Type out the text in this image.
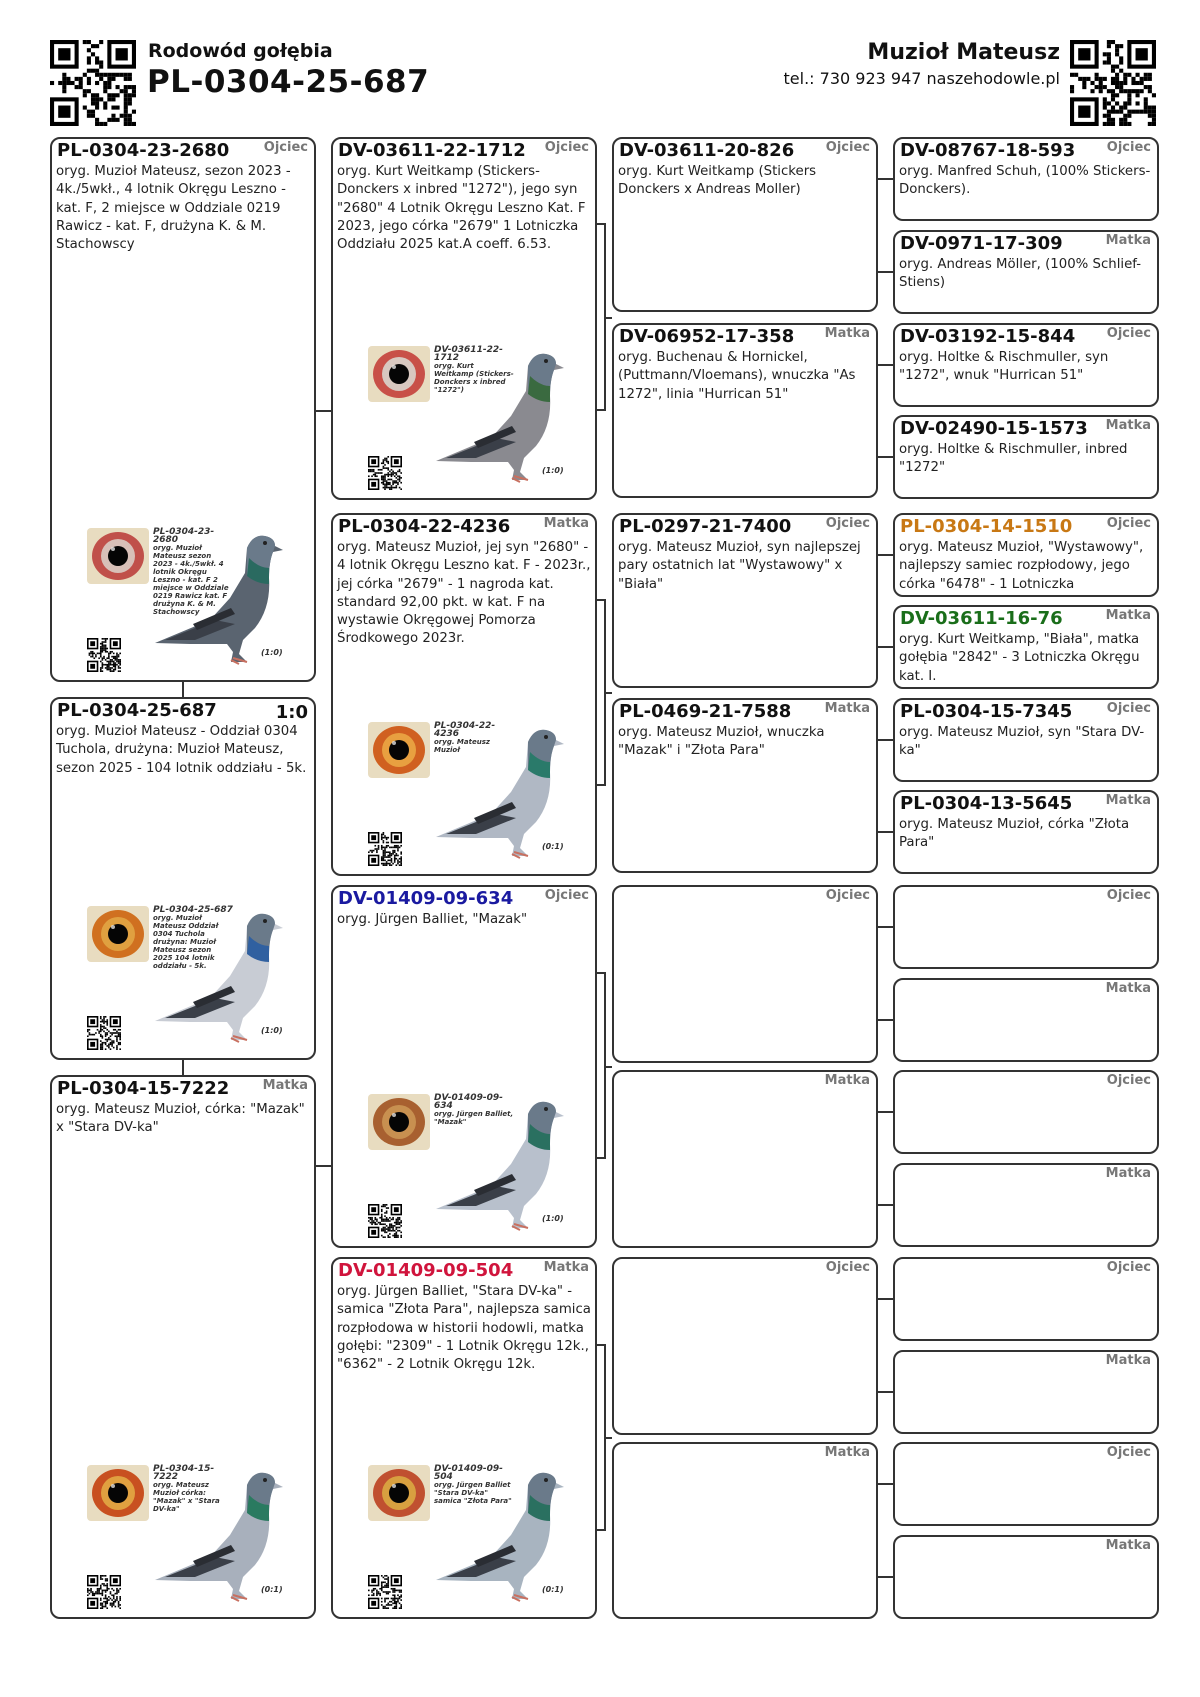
Rodowód gołębia
PL-0304-25-687
Muzioł Mateusz
tel.: 730 923 947 naszehodowle.pl
PL-0304-23-2680	Ojciec
oryg. Muzioł Mateusz, sezon 2023 - 4k./5wkł., 4 lotnik Okręgu Leszno - kat. F, 2 miejsce w Oddziale 0219 Rawicz - kat. F, drużyna K. & M. Stachowscy
PL-0304-23-2680
oryg. Muzioł Mateusz sezon 2023 - 4k./5wkł. 4 lotnik Okręgu Leszno - kat. F 2 miejsce w Oddziale 0219 Rawicz kat. F drużyna K. & M. Stachowscy
(1:0)
PL-0304-25-687	1:0
oryg. Muzioł Mateusz - Oddział 0304 Tuchola, drużyna: Muzioł Mateusz, sezon 2025 - 104 lotnik oddziału - 5k.
PL-0304-25-687
oryg. Muzioł Mateusz Oddział 0304 Tuchola drużyna: Muzioł Mateusz sezon 2025 104 lotnik oddziału - 5k.
(1:0)
PL-0304-15-7222	Matka
oryg. Mateusz Muzioł, córka: "Mazak" x "Stara DV-ka"
PL-0304-15-7222
oryg. Mateusz Muzioł córka: "Mazak" x "Stara DV-ka"
(0:1)
DV-03611-22-1712 Ojciec
oryg. Kurt Weitkamp (Stickers-Donckers x inbred "1272"), jego syn "2680" 4 Lotnik Okręgu Leszno Kat. F 2023, jego córka "2679" 1 Lotniczka Oddziału 2025 kat.A coeff. 6.53.
DV-03611-22-1712
oryg. Kurt Weitkamp (Stickers-Donckers x inbred "1272")
(1:0)
PL-0304-22-4236	Matka
oryg. Mateusz Muzioł, jej syn "2680" - 4 lotnik Okręgu Leszno kat. F - 2023r., jej córka "2679" - 1 nagroda kat. standard 92,00 pkt. w kat. F na wystawie Okręgowej Pomorza Środkowego 2023r.
PL-0304-22-4236
oryg. Mateusz Muzioł
(0:1)
DV-01409-09-634 Ojciec
oryg. Jürgen Balliet, "Mazak"
DV-01409-09-634
oryg. Jürgen Balliet, "Mazak"
(1:0)
DV-01409-09-504 Matka
oryg. Jürgen Balliet, "Stara DV-ka" - samica "Złota Para", najlepsza samica rozpłodowa w historii hodowli, matka gołębi: "2309" - 1 Lotnik Okręgu 12k., "6362" - 2 Lotnik Okręgu 12k.
DV-01409-09-504
oryg. Jürgen Balliet "Stara DV-ka" samica "Złota Para"
(0:1)
DV-03611-20-826 Ojciec
oryg. Kurt Weitkamp (Stickers Donckers x Andreas Moller)
DV-06952-17-358 Matka
oryg. Buchenau & Hornickel, (Puttmann/Vloemans), wnuczka "As 1272", linia "Hurrican 51"
PL-0297-21-7400	Ojciec
oryg. Mateusz Muzioł, syn najlepszej pary ostatnich lat "Wystawowy" x "Biała"
PL-0469-21-7588	Matka
oryg. Mateusz Muzioł, wnuczka "Mazak" i "Złota Para"
Ojciec
Matka
Ojciec
Matka
DV-08767-18-593 Ojciec
oryg. Manfred Schuh, (100% Stickers-Donckers).
DV-0971-17-309	Matka
oryg. Andreas Möller, (100% Schlief-Stiens)
DV-03192-15-844 Ojciec
oryg. Holtke & Rischmuller, syn "1272", wnuk "Hurrican 51"
DV-02490-15-1573 Matka
oryg. Holtke & Rischmuller, inbred "1272"
PL-0304-14-1510	Ojciec
oryg. Mateusz Muzioł, "Wystawowy", najlepszy samiec rozpłodowy, jego córka "6478" - 1 Lotniczka
DV-03611-16-76	Matka
oryg. Kurt Weitkamp, "Biała", matka gołębia "2842" - 3 Lotniczka Okręgu kat. I.
PL-0304-15-7345	Ojciec
oryg. Mateusz Muzioł, syn "Stara DV-ka"
PL-0304-13-5645	Matka
oryg. Mateusz Muzioł, córka "Złota Para"
Ojciec
Matka
Ojciec
Matka
Ojciec
Matka
Ojciec
Matka
